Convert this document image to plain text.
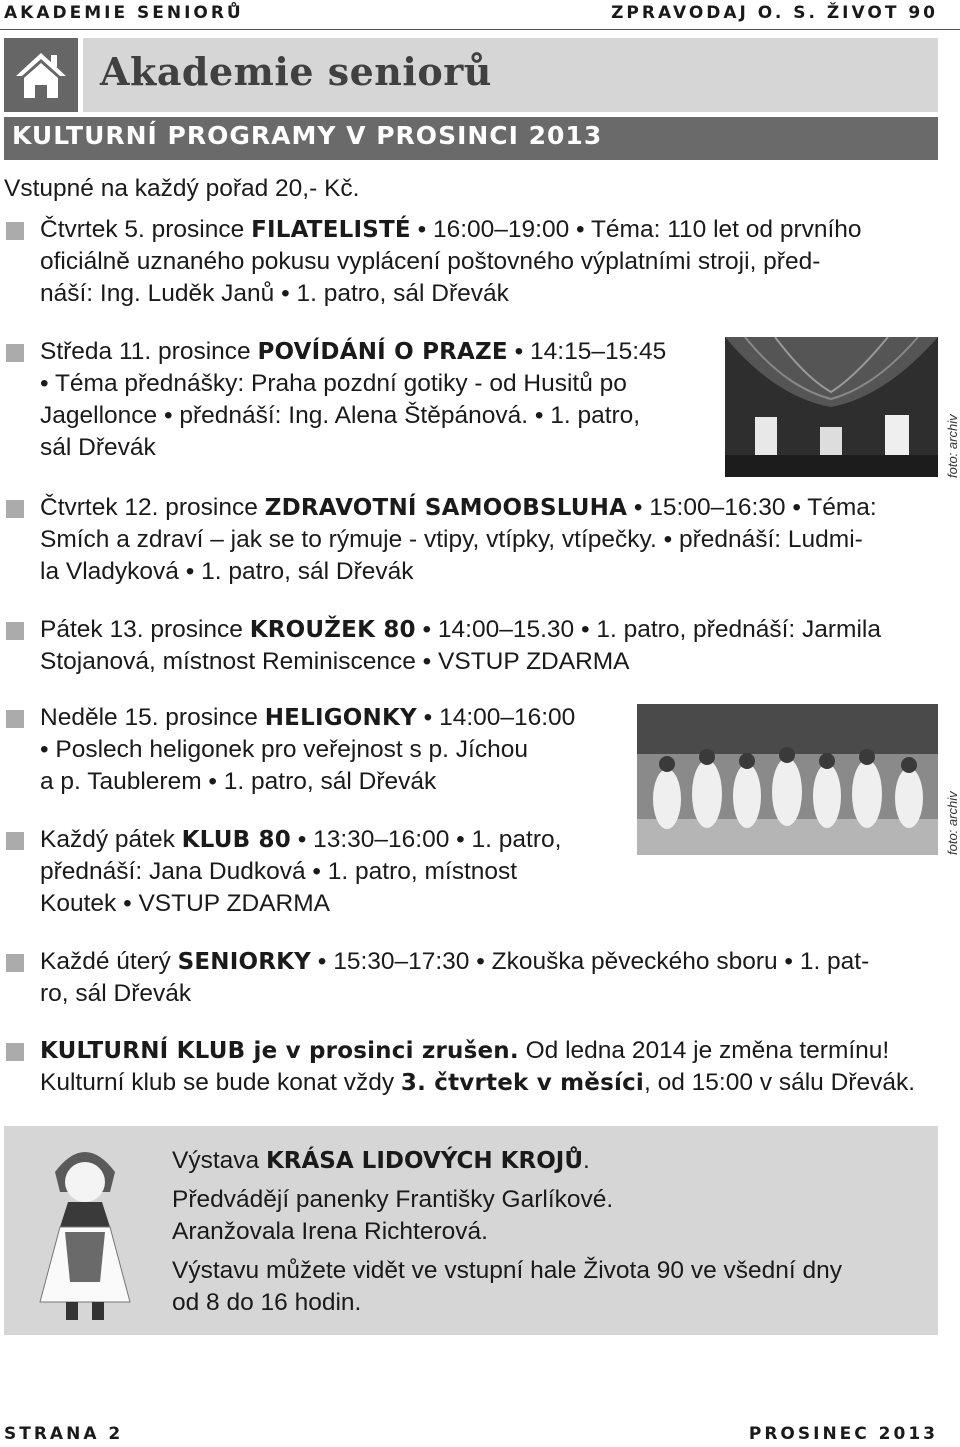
AKADEMIE SENIORŮ	ZPRAVODAJ O. S. ŽIVOT 90
Akademie seniorů
KULTURNÍ PROGRAMY V PROSINCI 2013
Vstupné na každý pořad 20,- Kč.
Čtvrtek 5. prosince FILATELISTÉ • 16:00–19:00 • Téma: 110 let od prvního
oficiálně uznaného pokusu vyplácení poštovného výplatními stroji, před-
náší: Ing. Luděk Janů • 1. patro, sál Dřevák
Středa 11. prosince POVÍDÁNÍ O PRAZE • 14:15–15:45
• Téma přednášky: Praha pozdní gotiky - od Husitů po
Jagellonce • přednáší: Ing. Alena Štěpánová. • 1. patro,
sál Dřevák	foto: archiv
Čtvrtek 12. prosince ZDRAVOTNÍ SAMOOBSLUHA • 15:00–16:30 • Téma:
Smích a zdraví – jak se to rýmuje - vtipy, vtípky, vtípečky. • přednáší: Ludmi-
la Vladyková • 1. patro, sál Dřevák
Pátek 13. prosince KROUŽEK 80 • 14:00–15.30 • 1. patro, přednáší: Jarmila
Stojanová, místnost Reminiscence • VSTUP ZDARMA
Neděle 15. prosince HELIGONKY • 14:00–16:00
• Poslech heligonek pro veřejnost s p. Jíchou
a p. Taublerem • 1. patro, sál Dřevák
foto: archiv
Každý pátek KLUB 80 • 13:30–16:00 • 1. patro,
přednáší: Jana Dudková • 1. patro, místnost
Koutek • VSTUP ZDARMA
Každé úterý SENIORKY • 15:30–17:30 • Zkouška pěveckého sboru • 1. pat-
ro, sál Dřevák
KULTURNÍ KLUB je v prosinci zrušen. Od ledna 2014 je změna termínu!
Kulturní klub se bude konat vždy 3. čtvrtek v měsíci, od 15:00 v sálu Dřevák.
Výstava KRÁSA LIDOVÝCH KROJŮ.
Předvádějí panenky Františky Garlíkové.
Aranžovala Irena Richterová.
Výstavu můžete vidět ve vstupní hale Života 90 ve všední dny
od 8 do 16 hodin.
STRANA 2	PROSINEC 2013
